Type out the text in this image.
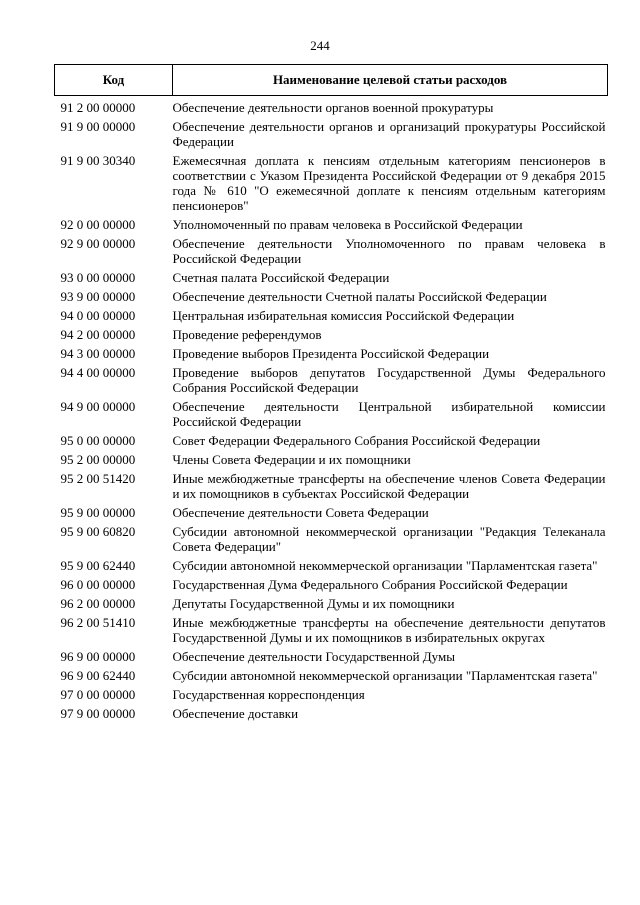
244
Код	Наименование целевой статьи расходов
91 2 00 00000	Обеспечение деятельности органов военной прокуратуры
91 9 00 00000	Обеспечение деятельности органов и организаций прокуратуры Российской Федерации
91 9 00 30340	Ежемесячная доплата к пенсиям отдельным категориям пенсионеров в соответствии с Указом Президента Российской Федерации от 9 декабря 2015 года № 610 "О ежемесячной доплате к пенсиям отдельным категориям пенсионеров"
92 0 00 00000	Уполномоченный по правам человека в Российской Федерации
92 9 00 00000	Обеспечение деятельности Уполномоченного по правам человека в Российской Федерации
93 0 00 00000	Счетная палата Российской Федерации
93 9 00 00000	Обеспечение деятельности Счетной палаты Российской Федерации
94 0 00 00000	Центральная избирательная комиссия Российской Федерации
94 2 00 00000	Проведение референдумов
94 3 00 00000	Проведение выборов Президента Российской Федерации
94 4 00 00000	Проведение выборов депутатов Государственной Думы Федерального Собрания Российской Федерации
94 9 00 00000	Обеспечение деятельности Центральной избирательной комиссии Российской Федерации
95 0 00 00000	Совет Федерации Федерального Собрания Российской Федерации
95 2 00 00000	Члены Совета Федерации и их помощники
95 2 00 51420	Иные межбюджетные трансферты на обеспечение членов Совета Федерации и их помощников в субъектах Российской Федерации
95 9 00 00000	Обеспечение деятельности Совета Федерации
95 9 00 60820	Субсидии автономной некоммерческой организации "Редакция Телеканала Совета Федерации"
95 9 00 62440	Субсидии автономной некоммерческой организации "Парламентская газета"
96 0 00 00000	Государственная Дума Федерального Собрания Российской Федерации
96 2 00 00000	Депутаты Государственной Думы и их помощники
96 2 00 51410	Иные межбюджетные трансферты на обеспечение деятельности депутатов Государственной Думы и их помощников в избирательных округах
96 9 00 00000	Обеспечение деятельности Государственной Думы
96 9 00 62440	Субсидии автономной некоммерческой организации "Парламентская газета"
97 0 00 00000	Государственная корреспонденция
97 9 00 00000	Обеспечение доставки
